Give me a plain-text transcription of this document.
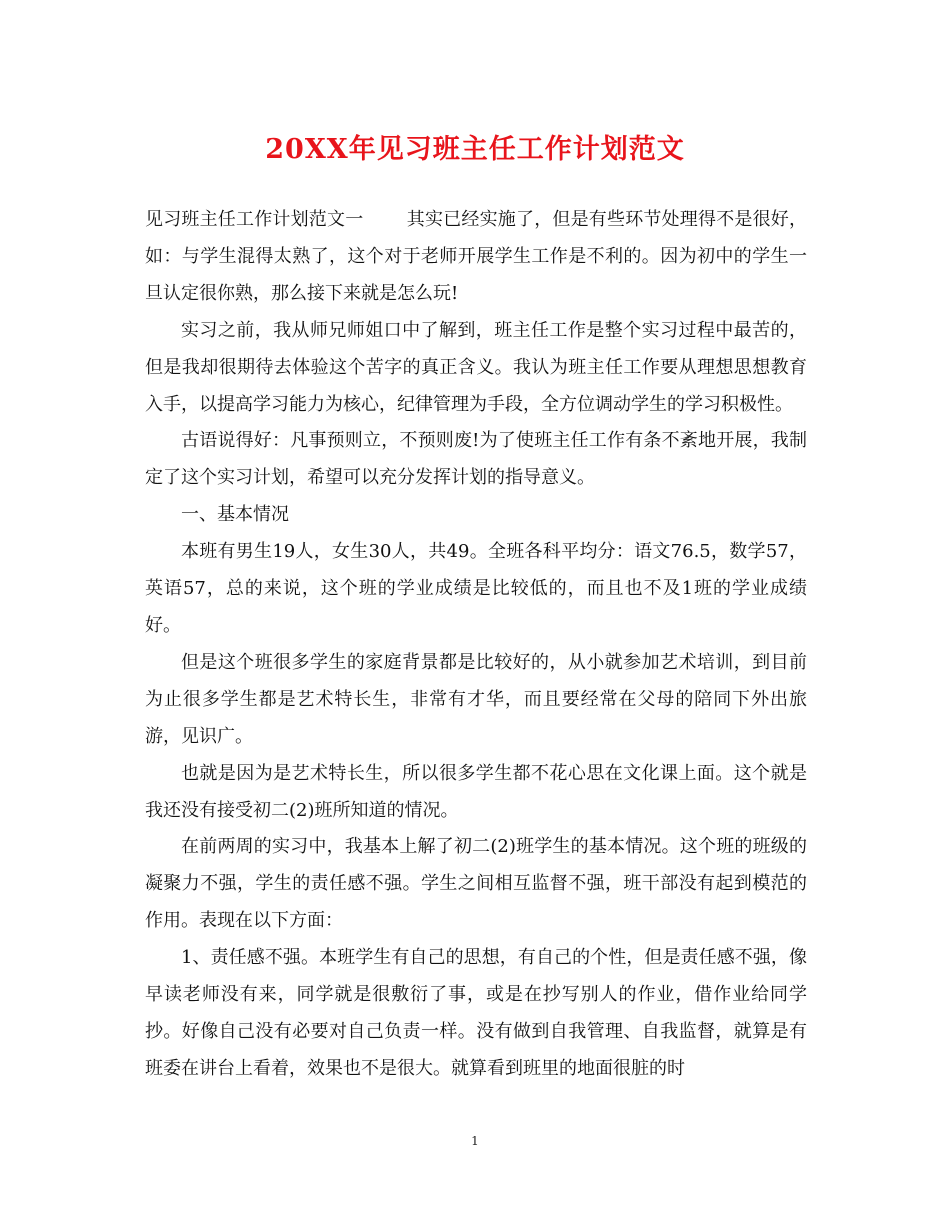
20XX年见习班主任工作计划范文

见习班主任工作计划范文一 其实已经实施了，但是有些环节处理得不是很好，如：与学生混得太熟了，这个对于老师开展学生工作是不利的。因为初中的学生一旦认定很你熟，那么接下来就是怎么玩!

实习之前，我从师兄师姐口中了解到，班主任工作是整个实习过程中最苦的，但是我却很期待去体验这个苦字的真正含义。我认为班主任工作要从理想思想教育入手，以提高学习能力为核心，纪律管理为手段，全方位调动学生的学习积极性。

古语说得好：凡事预则立，不预则废!为了使班主任工作有条不紊地开展，我制定了这个实习计划，希望可以充分发挥计划的指导意义。

一、基本情况

本班有男生19人，女生30人，共49。全班各科平均分：语文76.5，数学57，英语57，总的来说，这个班的学业成绩是比较低的，而且也不及1班的学业成绩好。

但是这个班很多学生的家庭背景都是比较好的，从小就参加艺术培训，到目前为止很多学生都是艺术特长生，非常有才华，而且要经常在父母的陪同下外出旅游，见识广。

也就是因为是艺术特长生，所以很多学生都不花心思在文化课上面。这个就是我还没有接受初二(2)班所知道的情况。

在前两周的实习中，我基本上解了初二(2)班学生的基本情况。这个班的班级的凝聚力不强，学生的责任感不强。学生之间相互监督不强，班干部没有起到模范的作用。表现在以下方面：

1、责任感不强。本班学生有自己的思想，有自己的个性，但是责任感不强，像早读老师没有来，同学就是很敷衍了事，或是在抄写别人的作业，借作业给同学抄。好像自己没有必要对自己负责一样。没有做到自我管理、自我监督，就算是有班委在讲台上看着，效果也不是很大。就算看到班里的地面很脏的时

1
